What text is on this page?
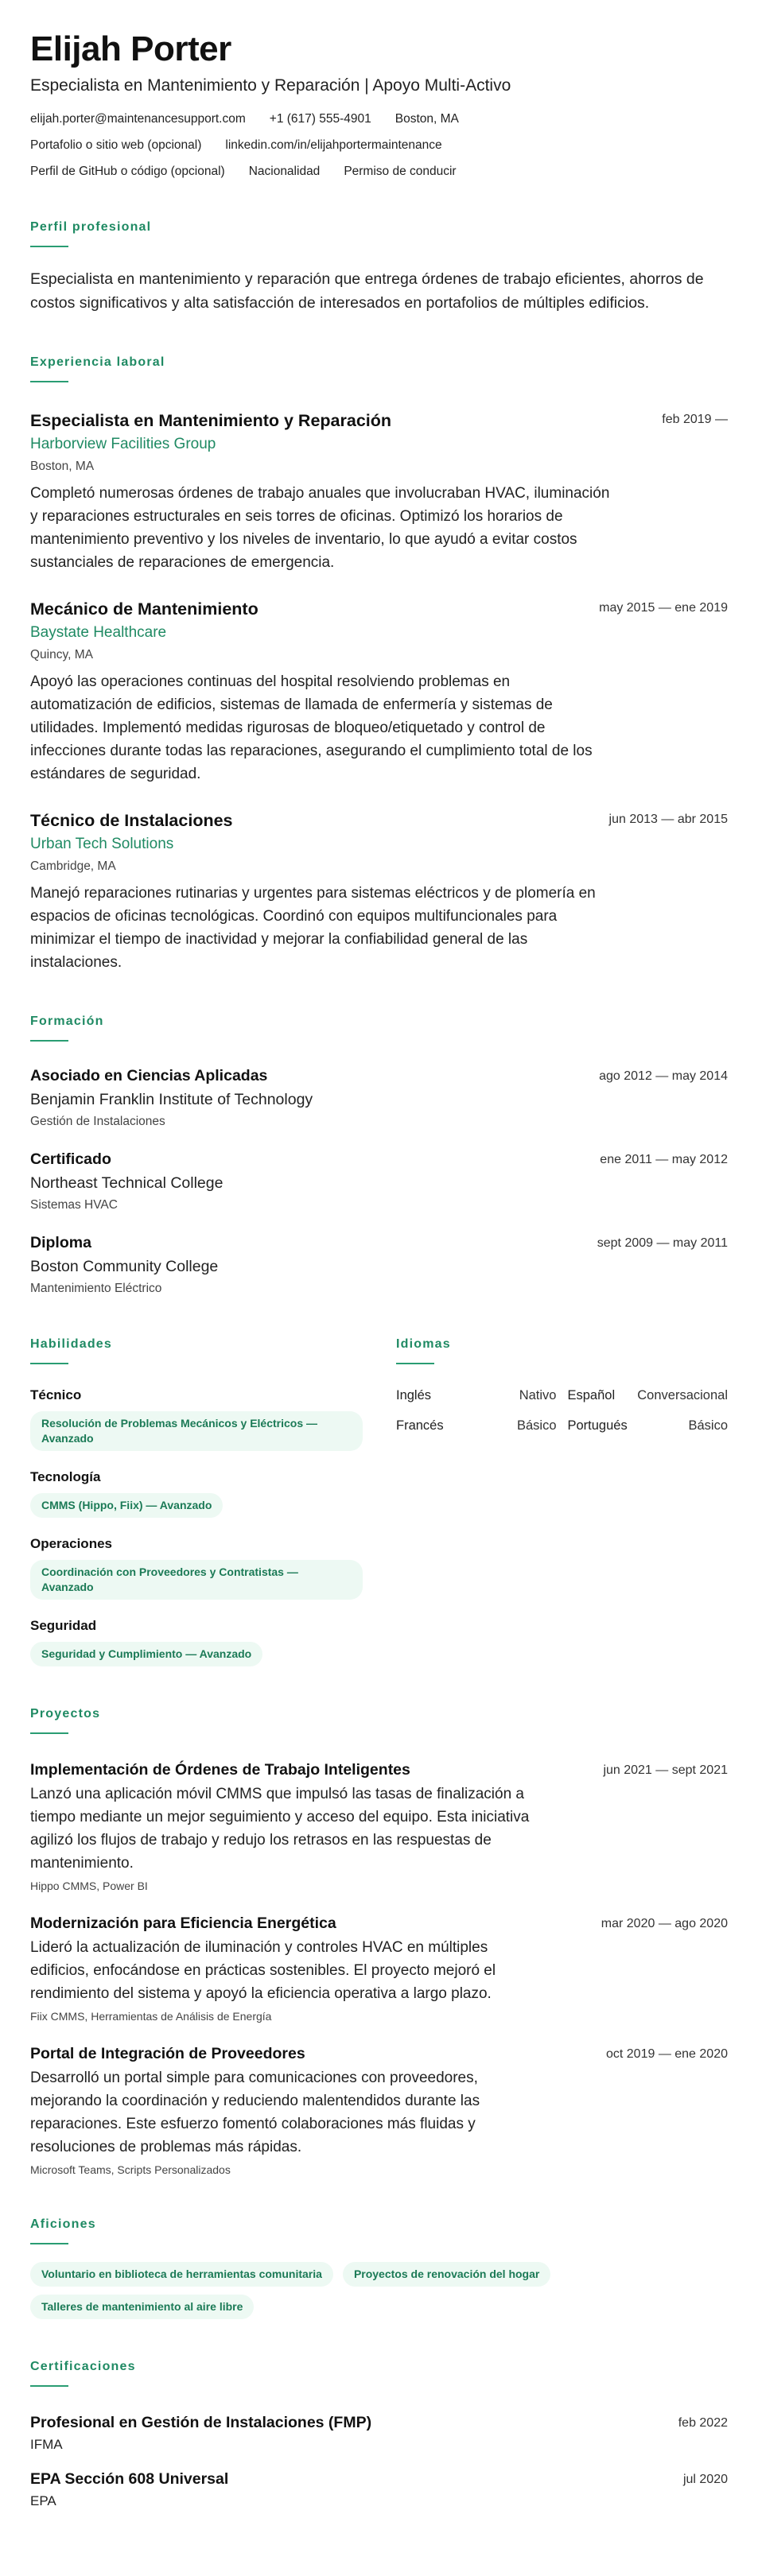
Elijah Porter
Especialista en Mantenimiento y Reparación | Apoyo Multi-Activo
elijah.porter@maintenancesupport.com +1 (617) 555-4901 Boston, MA
Portafolio o sitio web (opcional) linkedin.com/in/elijahportermaintenance
Perfil de GitHub o código (opcional) Nacionalidad Permiso de conducir
Perfil profesional

Especialista en mantenimiento y reparación que entrega órdenes de trabajo eficientes, ahorros de costos significativos y alta satisfacción de interesados en portafolios de múltiples edificios.

Experiencia laboral
Especialista en Mantenimiento y Reparación
Harborview Facilities Group
Boston, MA

Completó numerosas órdenes de trabajo anuales que involucraban HVAC, iluminación y reparaciones estructurales en seis torres de oficinas. Optimizó los horarios de mantenimiento preventivo y los niveles de inventario, lo que ayudó a evitar costos sustanciales de reparaciones de emergencia.

feb 2019 —
Mecánico de Mantenimiento
Baystate Healthcare
Quincy, MA

Apoyó las operaciones continuas del hospital resolviendo problemas en automatización de edificios, sistemas de llamada de enfermería y sistemas de utilidades. Implementó medidas rigurosas de bloqueo/etiquetado y control de infecciones durante todas las reparaciones, asegurando el cumplimiento total de los estándares de seguridad.

may 2015 — ene 2019
Técnico de Instalaciones
Urban Tech Solutions
Cambridge, MA

Manejó reparaciones rutinarias y urgentes para sistemas eléctricos y de plomería en espacios de oficinas tecnológicas. Coordinó con equipos multifuncionales para minimizar el tiempo de inactividad y mejorar la confiabilidad general de las instalaciones.

jun 2013 — abr 2015
Formación
Asociado en Ciencias Aplicadas
Benjamin Franklin Institute of Technology
Gestión de Instalaciones
ago 2012 — may 2014
Certificado
Northeast Technical College
Sistemas HVAC
ene 2011 — may 2012
Diploma
Boston Community College
Mantenimiento Eléctrico
sept 2009 — may 2011
Habilidades
Técnico
Resolución de Problemas Mecánicos y Eléctricos — Avanzado
Tecnología
CMMS (Hippo, Fiix) — Avanzado
Operaciones
Coordinación con Proveedores y Contratistas — Avanzado
Seguridad
Seguridad y Cumplimiento — Avanzado
Idiomas
Inglés	Nativo Español Conversacional
Francés	Básico Portugués	Básico
Proyectos
Implementación de Órdenes de Trabajo Inteligentes

Lanzó una aplicación móvil CMMS que impulsó las tasas de finalización a tiempo mediante un mejor seguimiento y acceso del equipo. Esta iniciativa agilizó los flujos de trabajo y redujo los retrasos en las respuestas de mantenimiento.

Hippo CMMS, Power BI
jun 2021 — sept 2021
Modernización para Eficiencia Energética

Lideró la actualización de iluminación y controles HVAC en múltiples edificios, enfocándose en prácticas sostenibles. El proyecto mejoró el rendimiento del sistema y apoyó la eficiencia operativa a largo plazo.

Fiix CMMS, Herramientas de Análisis de Energía
mar 2020 — ago 2020
Portal de Integración de Proveedores

Desarrolló un portal simple para comunicaciones con proveedores, mejorando la coordinación y reduciendo malentendidos durante las reparaciones. Este esfuerzo fomentó colaboraciones más fluidas y resoluciones de problemas más rápidas.

Microsoft Teams, Scripts Personalizados
oct 2019 — ene 2020
Aficiones
Voluntario en biblioteca de herramientas comunitaria	Proyectos de renovación del hogar
Talleres de mantenimiento al aire libre
Certificaciones
Profesional en Gestión de Instalaciones (FMP)
IFMA
feb 2022
EPA Sección 608 Universal
EPA
jul 2020
